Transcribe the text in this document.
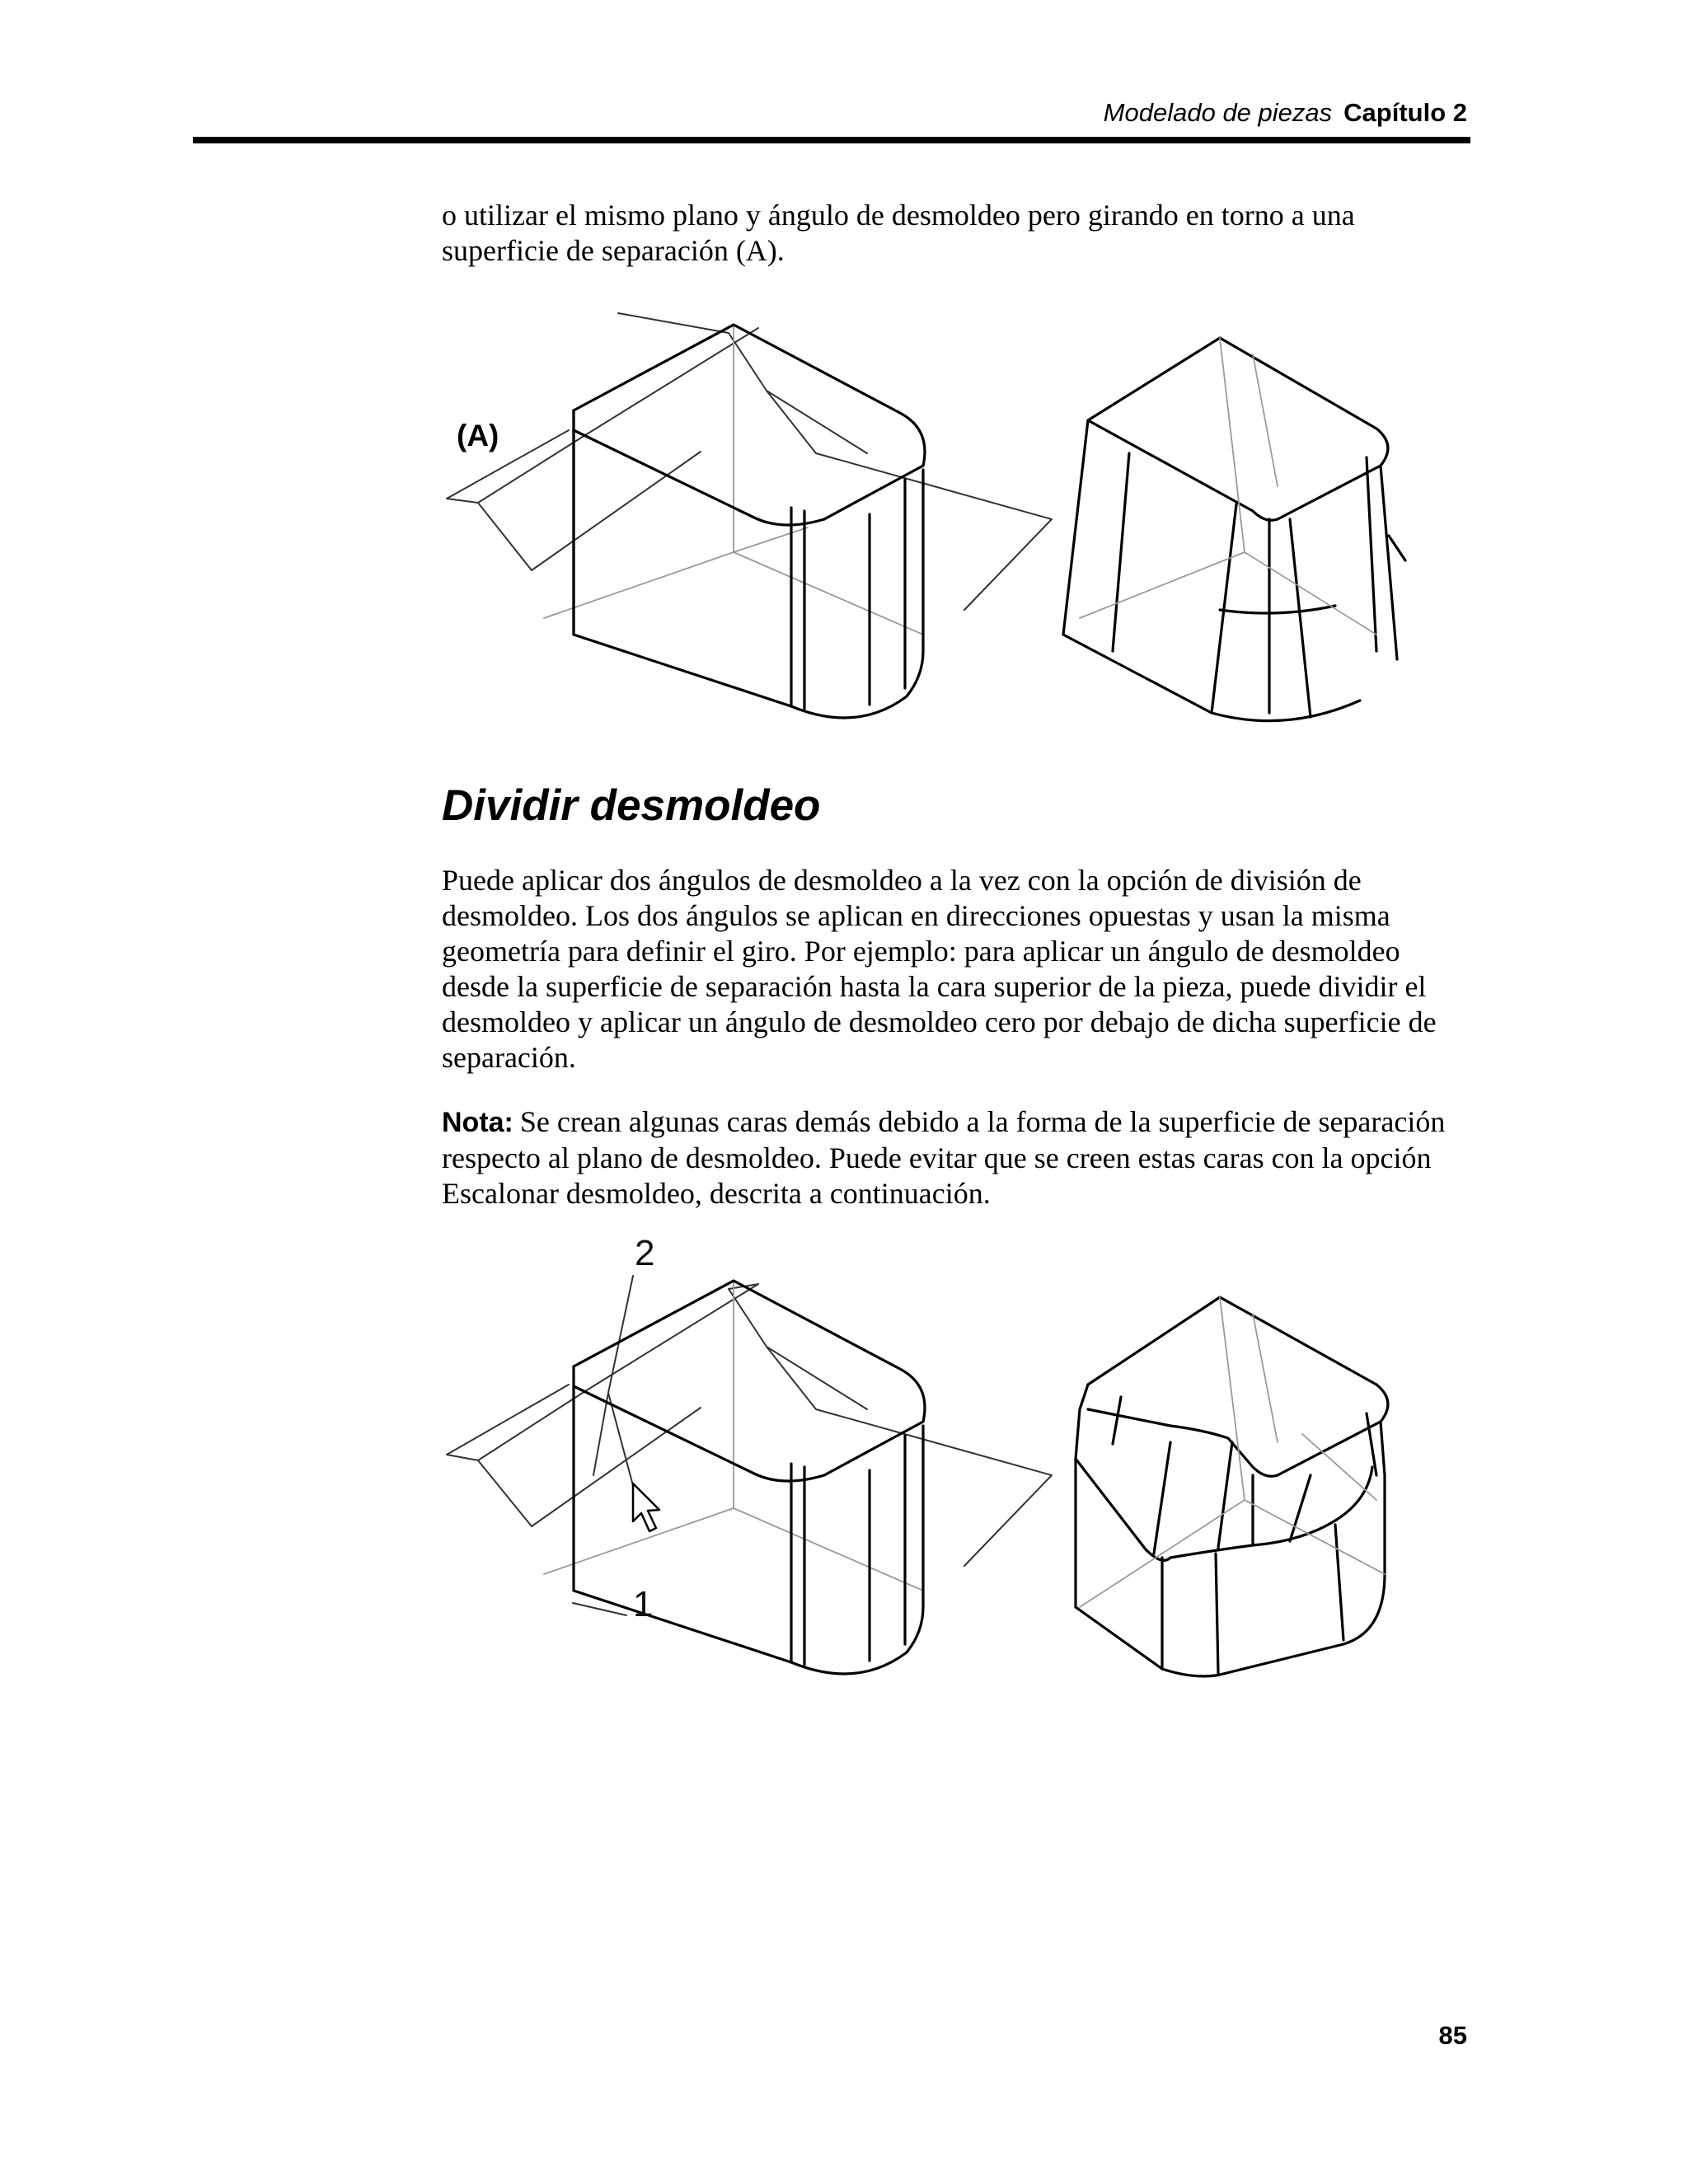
Modelado de piezas Capítulo 2
o utilizar el mismo plano y ángulo de desmoldeo pero girando en torno a una superficie de separación (A).
(A)
Dividir desmoldeo
Puede aplicar dos ángulos de desmoldeo a la vez con la opción de división de desmoldeo. Los dos ángulos se aplican en direcciones opuestas y usan la misma geometría para definir el giro. Por ejemplo: para aplicar un ángulo de desmoldeo desde la superficie de separación hasta la cara superior de la pieza, puede dividir el desmoldeo y aplicar un ángulo de desmoldeo cero por debajo de dicha superficie de separación.
Nota: Se crean algunas caras demás debido a la forma de la superficie de separación respecto al plano de desmoldeo. Puede evitar que se creen estas caras con la opción Escalonar desmoldeo, descrita a continuación.
2
1
85
